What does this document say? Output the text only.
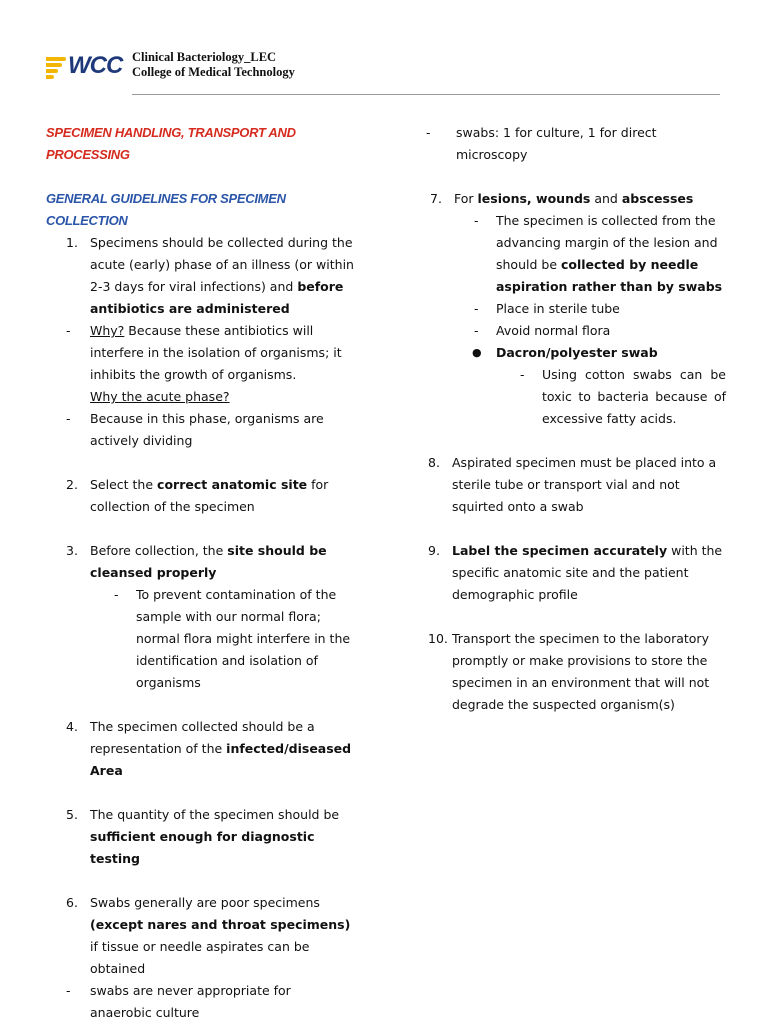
WCC Clinical Bacteriology_LEC
College of Medical Technology
SPECIMEN HANDLING, TRANSPORT AND PROCESSING
GENERAL GUIDELINES FOR SPECIMEN COLLECTION
1. Specimens should be collected during the acute (early) phase of an illness (or within 2-3 days for viral infections) and before antibiotics are administered
- Why? Because these antibiotics will interfere in the isolation of organisms; it inhibits the growth of organisms.
Why the acute phase?
- Because in this phase, organisms are actively dividing
2. Select the correct anatomic site for collection of the specimen
3. Before collection, the site should be cleansed properly
- To prevent contamination of the sample with our normal flora; normal flora might interfere in the identification and isolation of organisms
4. The specimen collected should be a representation of the infected/diseased Area
5. The quantity of the specimen should be sufficient enough for diagnostic testing
6. Swabs generally are poor specimens (except nares and throat specimens) if tissue or needle aspirates can be obtained
- swabs are never appropriate for anaerobic culture
- swabs: 1 for culture, 1 for direct microscopy
7. For lesions, wounds and abscesses
- The specimen is collected from the advancing margin of the lesion and should be collected by needle aspiration rather than by swabs
- Place in sterile tube
- Avoid normal flora
● Dacron/polyester swab
- Using cotton swabs can be toxic to bacteria because of excessive fatty acids.
8. Aspirated specimen must be placed into a sterile tube or transport vial and not squirted onto a swab
9. Label the specimen accurately with the specific anatomic site and the patient demographic profile
10. Transport the specimen to the laboratory promptly or make provisions to store the specimen in an environment that will not degrade the suspected organism(s)
